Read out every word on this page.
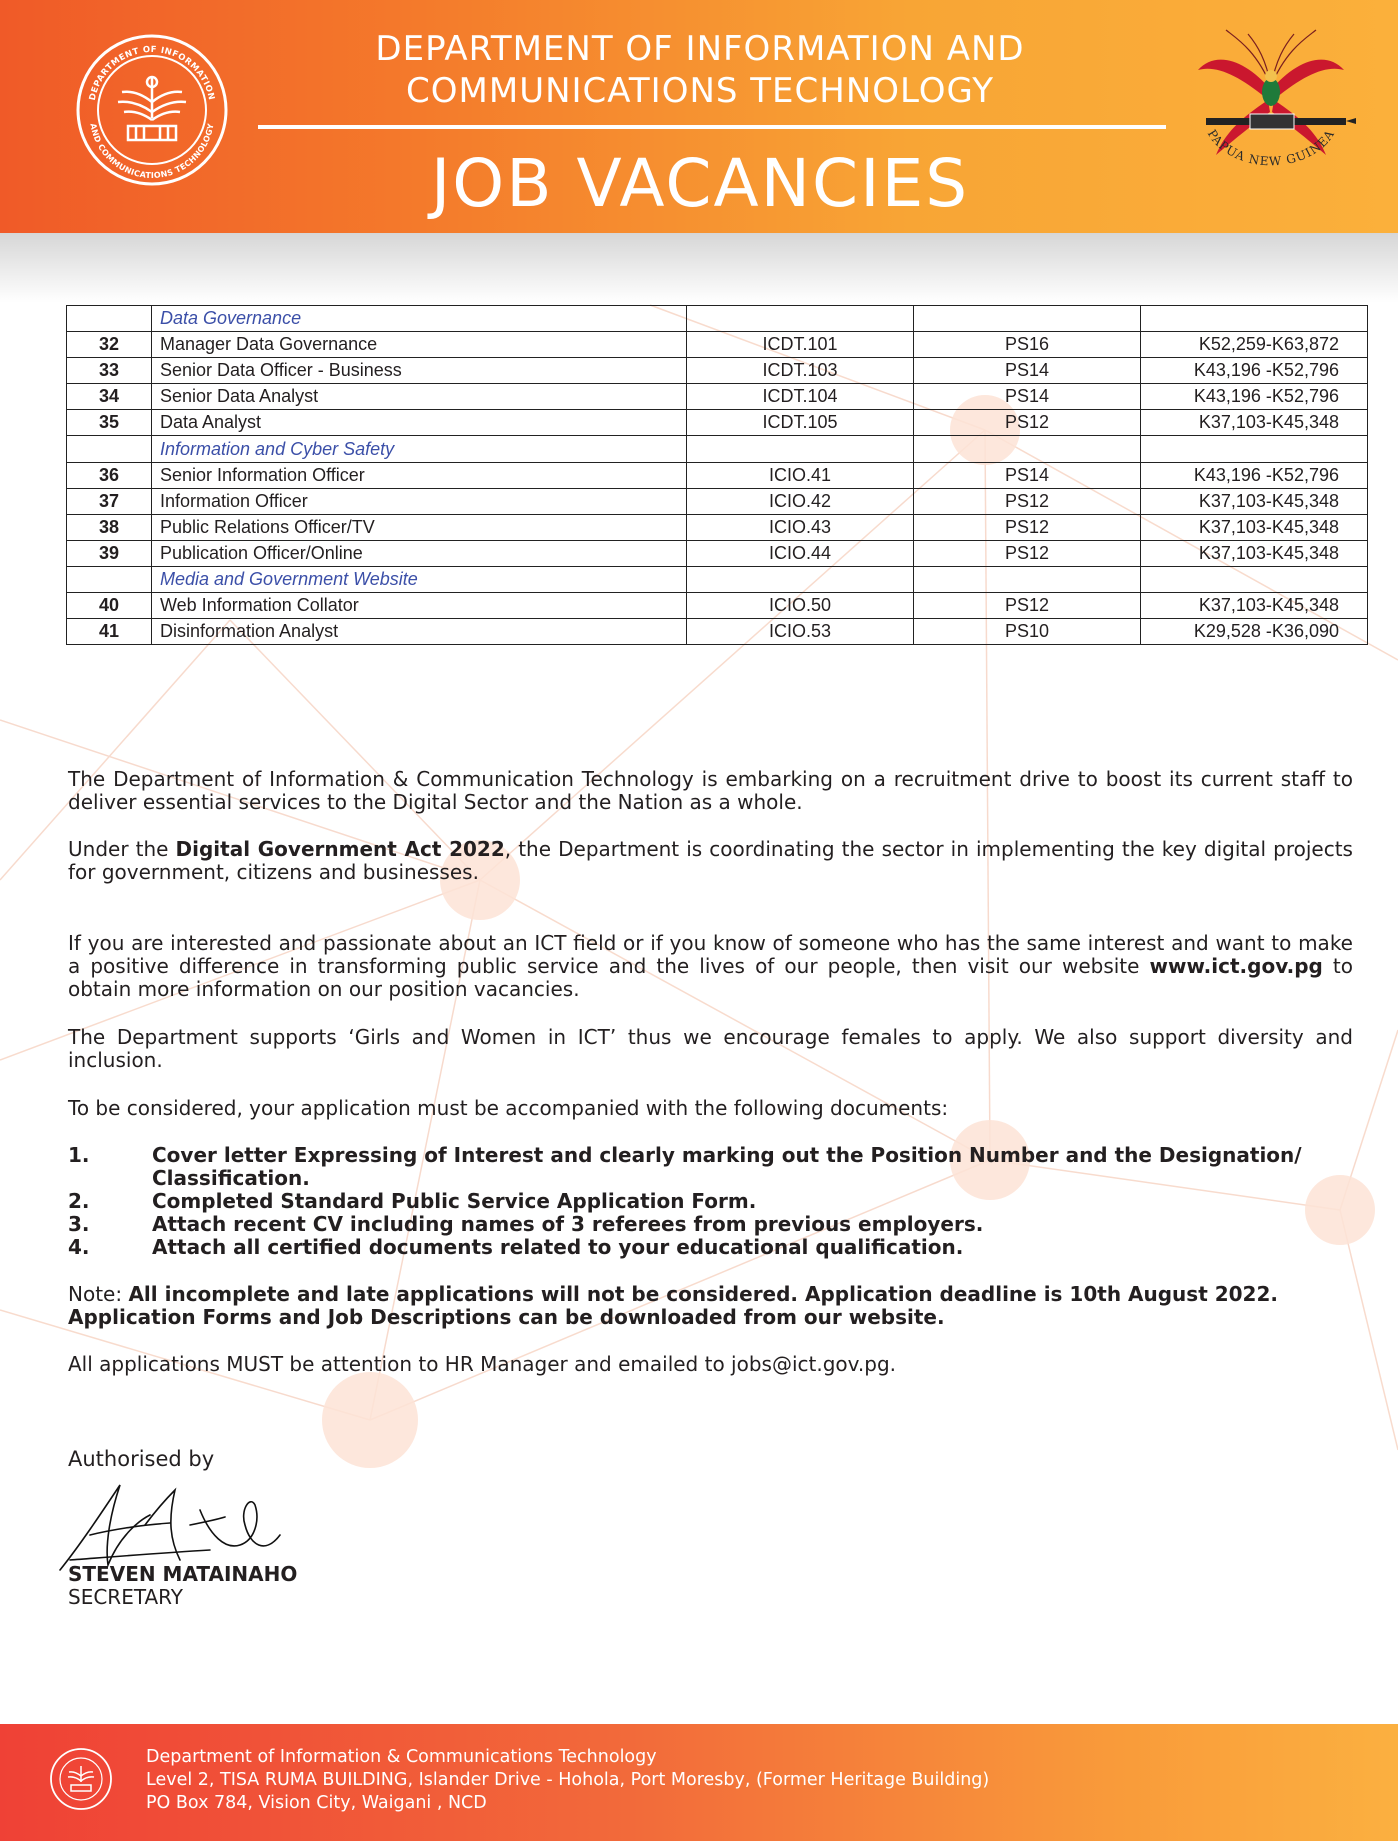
DEPARTMENT OF INFORMATION
AND COMMUNICATIONS TECHNOLOGY
DEPARTMENT OF INFORMATION AND
COMMUNICATIONS TECHNOLOGY
JOB VACANCIES
PAPUA NEW GUINEA
	Data Governance			
32	Manager Data Governance	ICDT.101	PS16	K52,259-K63,872
33	Senior Data Officer - Business	ICDT.103	PS14	K43,196 -K52,796
34	Senior Data Analyst	ICDT.104	PS14	K43,196 -K52,796
35	Data Analyst	ICDT.105	PS12	K37,103-K45,348
	Information and Cyber Safety			
36	Senior Information Officer	ICIO.41	PS14	K43,196 -K52,796
37	Information Officer	ICIO.42	PS12	K37,103-K45,348
38	Public Relations Officer/TV	ICIO.43	PS12	K37,103-K45,348
39	Publication Officer/Online	ICIO.44	PS12	K37,103-K45,348
	Media and Government Website			
40	Web Information Collator	ICIO.50	PS12	K37,103-K45,348
41	Disinformation Analyst	ICIO.53	PS10	K29,528 -K36,090

The Department of Information & Communication Technology is embarking on a recruitment drive to boost its current staff to deliver essential services to the Digital Sector and the Nation as a whole.

Under the Digital Government Act 2022, the Department is coordinating the sector in implementing the key digital projects for government, citizens and businesses.

If you are interested and passionate about an ICT field or if you know of someone who has the same interest and want to make a positive difference in transforming public service and the lives of our people, then visit our website www.ict.gov.pg to obtain more information on our position vacancies.

The Department supports ‘Girls and Women in ICT’ thus we encourage females to apply. We also support diversity and inclusion.

To be considered, your application must be accompanied with the following documents:

1.	Cover letter Expressing of Interest and clearly marking out the Position Number and the Designation/ Classification.
2.	Completed Standard Public Service Application Form.
3.	Attach recent CV including names of 3 referees from previous employers.
4.	Attach all certified documents related to your educational qualification.

Note: All incomplete and late applications will not be considered. Application deadline is 10th August 2022. Application Forms and Job Descriptions can be downloaded from our website.

All applications MUST be attention to HR Manager and emailed to jobs@ict.gov.pg.

Authorised by
STEVEN MATAINAHO
SECRETARY
Department of Information & Communications Technology
Level 2, TISA RUMA BUILDING, Islander Drive - Hohola, Port Moresby, (Former Heritage Building)
PO Box 784, Vision City, Waigani , NCD
